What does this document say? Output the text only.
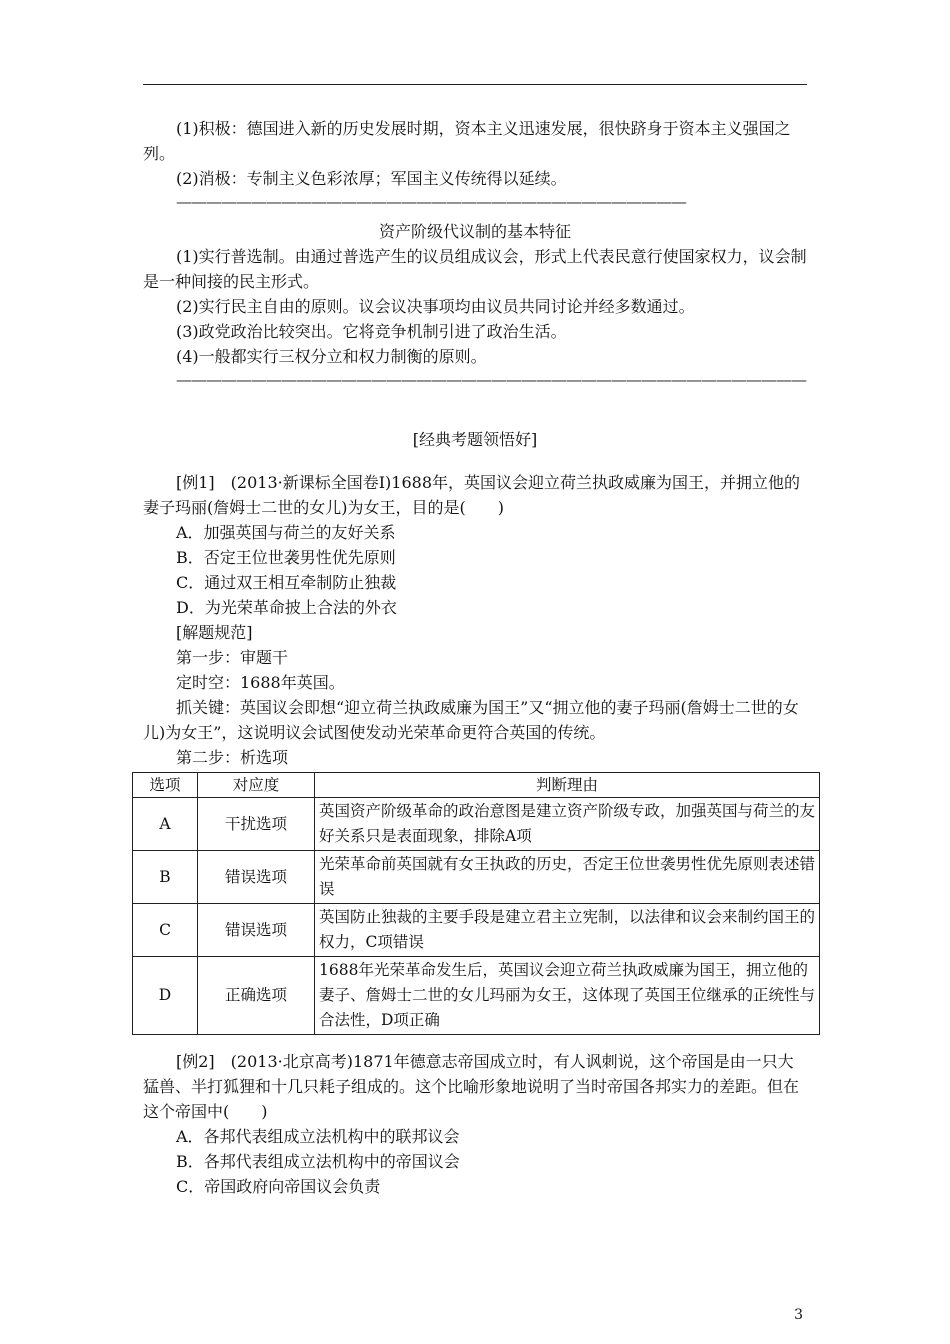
(1)积极：德国进入新的历史发展时期，资本主义迅速发展，很快跻身于资本主义强国之列。

(2)消极：专制主义色彩浓厚；军国主义传统得以延续。

——————————————————————————————————

资产阶级代议制的基本特征

(1)实行普选制。由通过普选产生的议员组成议会，形式上代表民意行使国家权力，议会制是一种间接的民主形式。

(2)实行民主自由的原则。议会议决事项均由议员共同讨论并经多数通过。

(3)政党政治比较突出。它将竞争机制引进了政治生活。

(4)一般都实行三权分立和权力制衡的原则。

——————————————————————————————————————————

[经典考题领悟好]

[例1]　(2013·新课标全国卷Ⅰ)1688年，英国议会迎立荷兰执政威廉为国王，并拥立他的妻子玛丽(詹姆士二世的女儿)为女王，目的是(　　)

A．加强英国与荷兰的友好关系

B．否定王位世袭男性优先原则

C．通过双王相互牵制防止独裁

D．为光荣革命披上合法的外衣

[解题规范]

第一步：审题干

定时空：1688年英国。

抓关键：英国议会即想“迎立荷兰执政威廉为国王”又“拥立他的妻子玛丽(詹姆士二世的女儿)为女王”，这说明议会试图使发动光荣革命更符合英国的传统。

第二步：析选项

选项	对应度	判断理由
A	干扰选项	英国资产阶级革命的政治意图是建立资产阶级专政，加强英国与荷兰的友好关系只是表面现象，排除A项
B	错误选项	光荣革命前英国就有女王执政的历史，否定王位世袭男性优先原则表述错误
C	错误选项	英国防止独裁的主要手段是建立君主立宪制，以法律和议会来制约国王的权力，C项错误
D	正确选项	1688年光荣革命发生后，英国议会迎立荷兰执政威廉为国王，拥立他的妻子、詹姆士二世的女儿玛丽为女王，这体现了英国王位继承的正统性与合法性，D项正确

[例2]　(2013·北京高考)1871年德意志帝国成立时，有人讽刺说，这个帝国是由一只大猛兽、半打狐狸和十几只耗子组成的。这个比喻形象地说明了当时帝国各邦实力的差距。但在这个帝国中(　　)

A．各邦代表组成立法机构中的联邦议会

B．各邦代表组成立法机构中的帝国议会

C．帝国政府向帝国议会负责

3
